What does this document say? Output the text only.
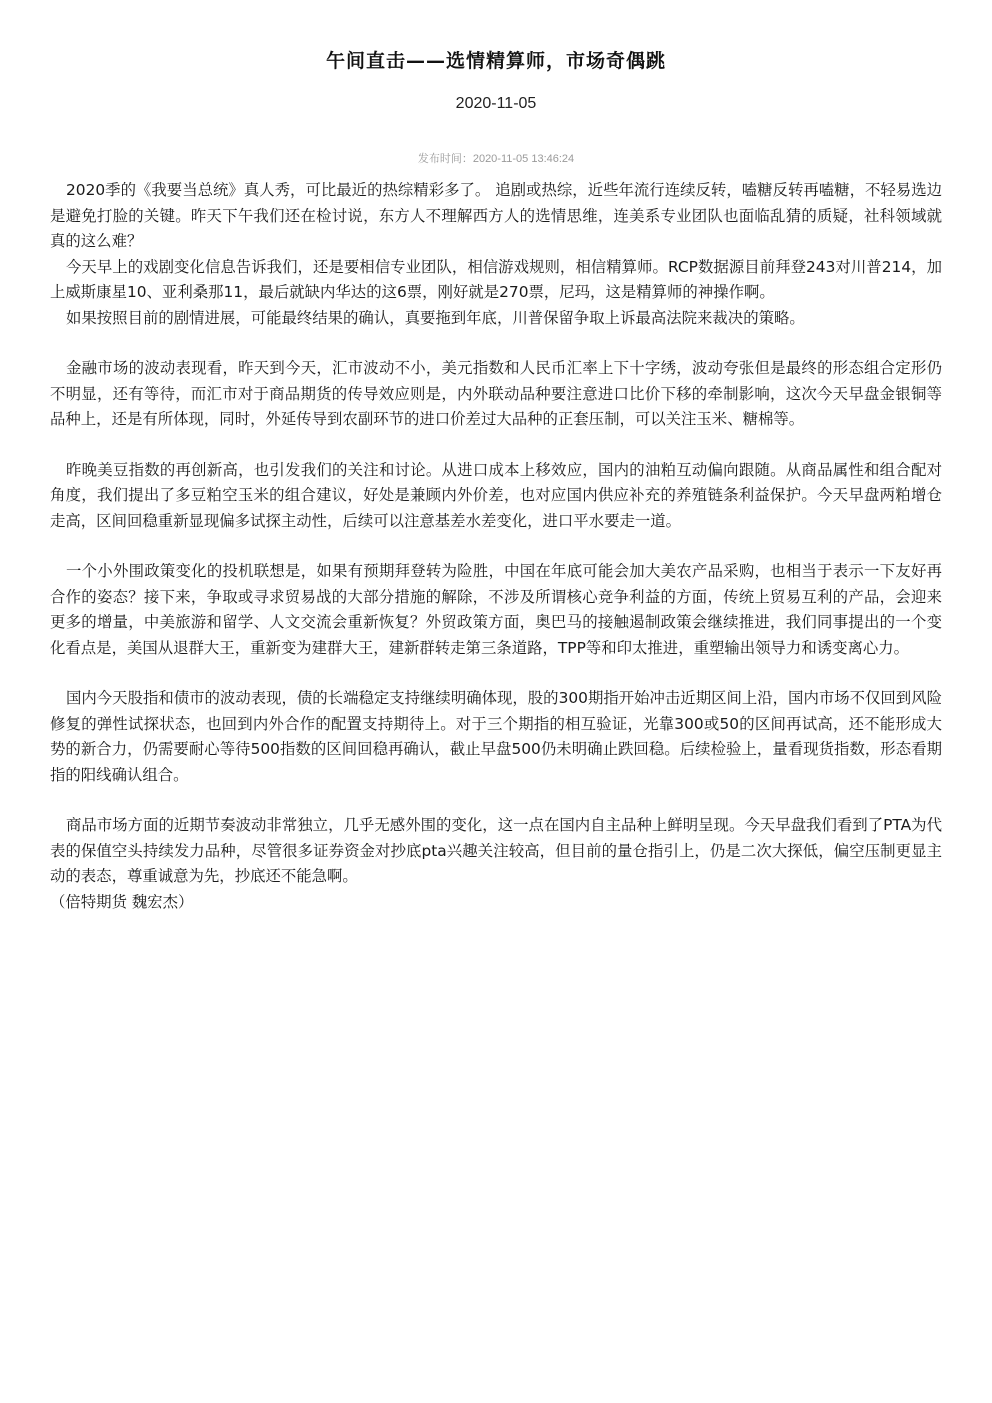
午间直击——选情精算师，市场奇偶跳
2020-11-05
发布时间：2020-11-05 13:46:24

2020季的《我要当总统》真人秀，可比最近的热综精彩多了。 追剧或热综，近些年流行连续反转，嗑糖反转再嗑糖，不轻易选边是避免打脸的关键。昨天下午我们还在检讨说，东方人不理解西方人的选情思维，连美系专业团队也面临乱猜的质疑，社科领域就真的这么难？

今天早上的戏剧变化信息告诉我们，还是要相信专业团队，相信游戏规则，相信精算师。RCP数据源目前拜登243对川普214，加上威斯康星10、亚利桑那11，最后就缺内华达的这6票，刚好就是270票，尼玛，这是精算师的神操作啊。

如果按照目前的剧情进展，可能最终结果的确认，真要拖到年底，川普保留争取上诉最高法院来裁决的策略。

金融市场的波动表现看，昨天到今天，汇市波动不小，美元指数和人民币汇率上下十字绣，波动夸张但是最终的形态组合定形仍不明显，还有等待，而汇市对于商品期货的传导效应则是，内外联动品种要注意进口比价下移的牵制影响，这次今天早盘金银铜等品种上，还是有所体现，同时，外延传导到农副环节的进口价差过大品种的正套压制，可以关注玉米、糖棉等。

昨晚美豆指数的再创新高，也引发我们的关注和讨论。从进口成本上移效应，国内的油粕互动偏向跟随。从商品属性和组合配对角度，我们提出了多豆粕空玉米的组合建议，好处是兼顾内外价差，也对应国内供应补充的养殖链条利益保护。今天早盘两粕增仓走高，区间回稳重新显现偏多试探主动性，后续可以注意基差水差变化，进口平水要走一道。

一个小外围政策变化的投机联想是，如果有预期拜登转为险胜，中国在年底可能会加大美农产品采购，也相当于表示一下友好再合作的姿态？接下来，争取或寻求贸易战的大部分措施的解除，不涉及所谓核心竞争利益的方面，传统上贸易互利的产品，会迎来更多的增量，中美旅游和留学、人文交流会重新恢复？外贸政策方面，奥巴马的接触遏制政策会继续推进，我们同事提出的一个变化看点是，美国从退群大王，重新变为建群大王，建新群转走第三条道路，TPP等和印太推进，重塑输出领导力和诱变离心力。

国内今天股指和债市的波动表现，债的长端稳定支持继续明确体现，股的300期指开始冲击近期区间上沿，国内市场不仅回到风险修复的弹性试探状态，也回到内外合作的配置支持期待上。对于三个期指的相互验证，光靠300或50的区间再试高，还不能形成大势的新合力，仍需要耐心等待500指数的区间回稳再确认，截止早盘500仍未明确止跌回稳。后续检验上，量看现货指数，形态看期指的阳线确认组合。

商品市场方面的近期节奏波动非常独立，几乎无感外围的变化，这一点在国内自主品种上鲜明呈现。今天早盘我们看到了PTA为代表的保值空头持续发力品种，尽管很多证券资金对抄底pta兴趣关注较高，但目前的量仓指引上，仍是二次大探低，偏空压制更显主动的表态，尊重诚意为先，抄底还不能急啊。

（倍特期货 魏宏杰）
